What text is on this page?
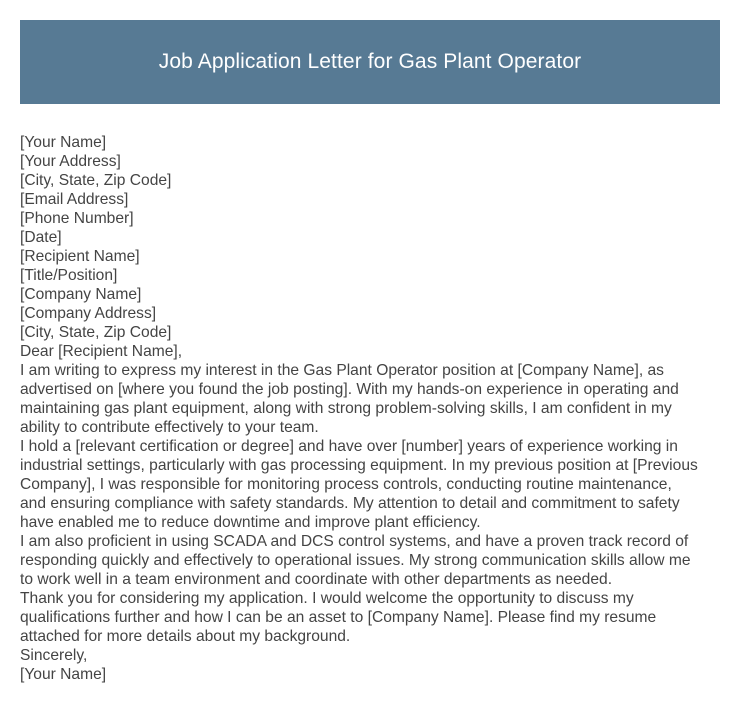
Job Application Letter for Gas Plant Operator
[Your Name]
[Your Address]
[City, State, Zip Code]
[Email Address]
[Phone Number]
[Date]
[Recipient Name]
[Title/Position]
[Company Name]
[Company Address]
[City, State, Zip Code]
Dear [Recipient Name],
I am writing to express my interest in the Gas Plant Operator position at [Company Name], as
advertised on [where you found the job posting]. With my hands-on experience in operating and
maintaining gas plant equipment, along with strong problem-solving skills, I am confident in my
ability to contribute effectively to your team.
I hold a [relevant certification or degree] and have over [number] years of experience working in
industrial settings, particularly with gas processing equipment. In my previous position at [Previous
Company], I was responsible for monitoring process controls, conducting routine maintenance,
and ensuring compliance with safety standards. My attention to detail and commitment to safety
have enabled me to reduce downtime and improve plant efficiency.
I am also proficient in using SCADA and DCS control systems, and have a proven track record of
responding quickly and effectively to operational issues. My strong communication skills allow me
to work well in a team environment and coordinate with other departments as needed.
Thank you for considering my application. I would welcome the opportunity to discuss my
qualifications further and how I can be an asset to [Company Name]. Please find my resume
attached for more details about my background.
Sincerely,
[Your Name]
